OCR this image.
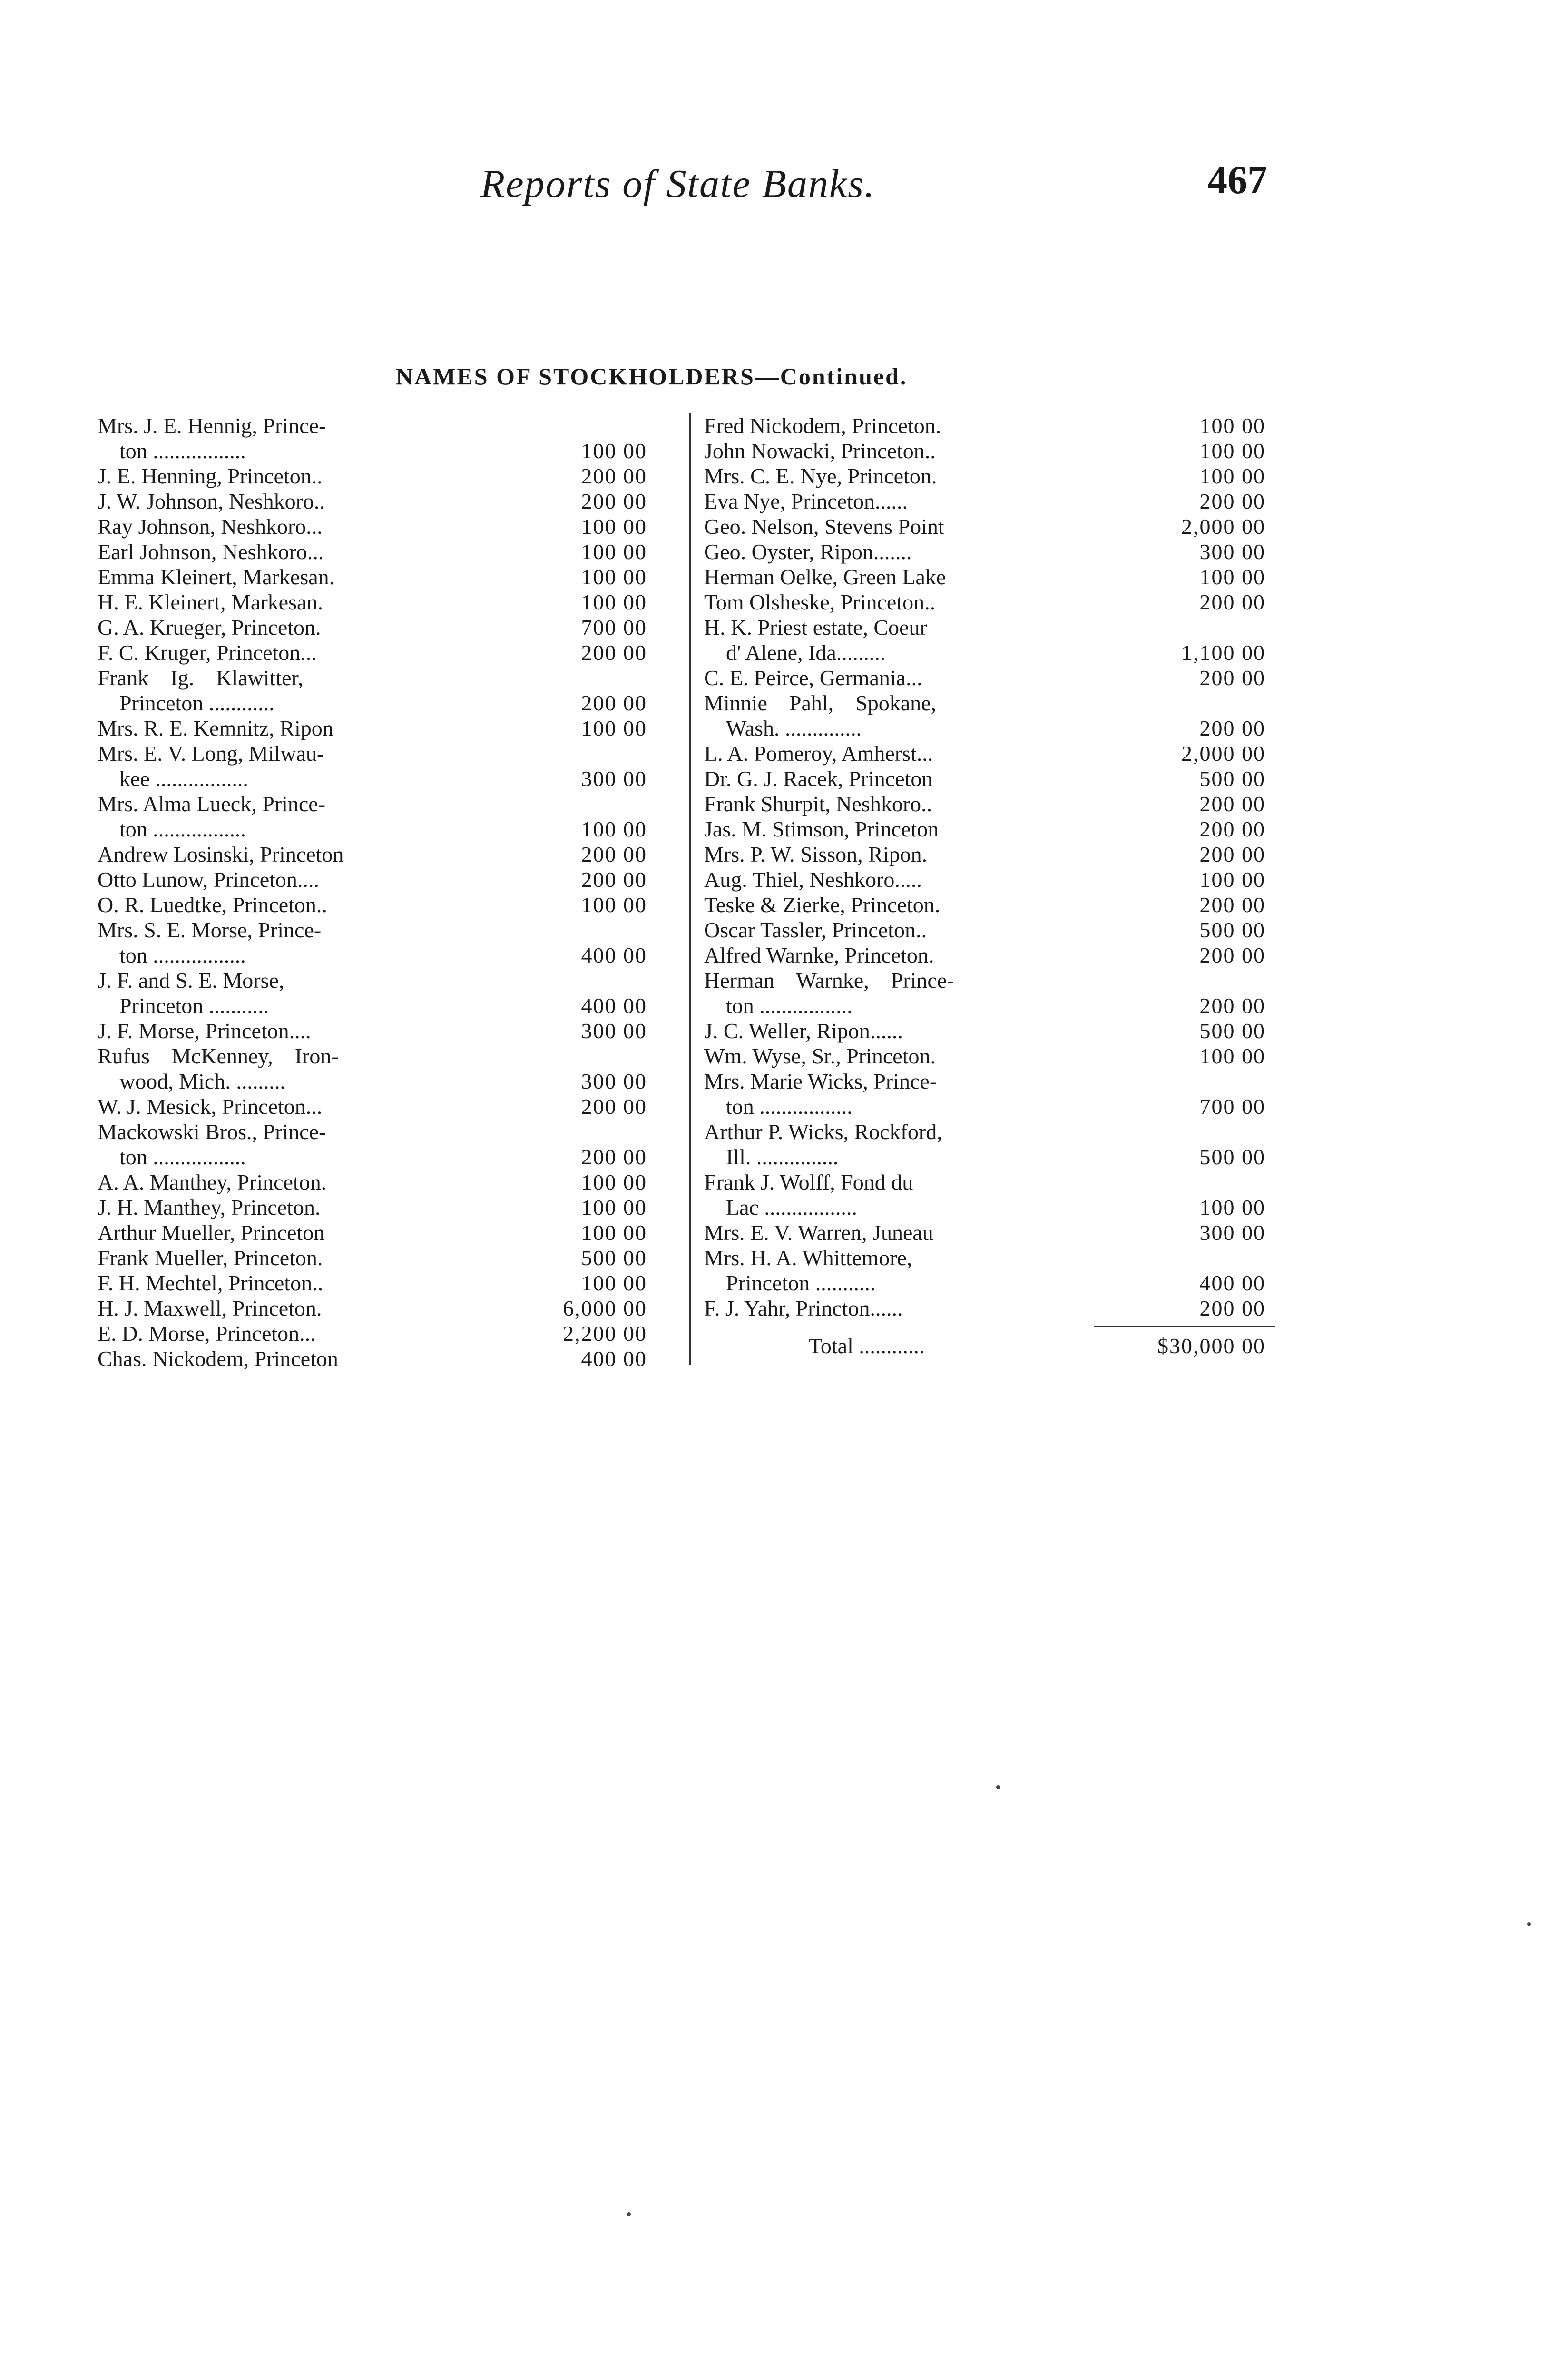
Reports of State Banks.	467
NAMES OF STOCKHOLDERS—Continued.
Mrs. J. E. Hennig, Prince-
ton .................	100 00
J. E. Henning, Princeton..	200 00
J. W. Johnson, Neshkoro..	200 00
Ray Johnson, Neshkoro...	100 00
Earl Johnson, Neshkoro...	100 00
Emma Kleinert, Markesan.	100 00
H. E. Kleinert, Markesan.	100 00
G. A. Krueger, Princeton.	700 00
F. C. Kruger, Princeton...	200 00
Frank    Ig.    Klawitter,
Princeton ............	200 00
Mrs. R. E. Kemnitz, Ripon	100 00
Mrs. E. V. Long, Milwau-
kee .................	300 00
Mrs. Alma Lueck, Prince-
ton .................	100 00
Andrew Losinski, Princeton	200 00
Otto Lunow, Princeton....	200 00
O. R. Luedtke, Princeton..	100 00
Mrs. S. E. Morse, Prince-
ton .................	400 00
J. F. and S. E. Morse,
Princeton ...........	400 00
J. F. Morse, Princeton....	300 00
Rufus    McKenney,    Iron-
wood, Mich. .........	300 00
W. J. Mesick, Princeton...	200 00
Mackowski Bros., Prince-
ton .................	200 00
A. A. Manthey, Princeton.	100 00
J. H. Manthey, Princeton.	100 00
Arthur Mueller, Princeton	100 00
Frank Mueller, Princeton.	500 00
F. H. Mechtel, Princeton..	100 00
H. J. Maxwell, Princeton.	6,000 00
E. D. Morse, Princeton...	2,200 00
Chas. Nickodem, Princeton	400 00
Fred Nickodem, Princeton.	100 00
John Nowacki, Princeton..	100 00
Mrs. C. E. Nye, Princeton.	100 00
Eva Nye, Princeton......	200 00
Geo. Nelson, Stevens Point	2,000 00
Geo. Oyster, Ripon.......	300 00
Herman Oelke, Green Lake	100 00
Tom Olsheske, Princeton..	200 00
H. K. Priest estate, Coeur
d' Alene, Ida.........	1,100 00
C. E. Peirce, Germania...	200 00
Minnie    Pahl,    Spokane,
Wash. ..............	200 00
L. A. Pomeroy, Amherst...	2,000 00
Dr. G. J. Racek, Princeton	500 00
Frank Shurpit, Neshkoro..	200 00
Jas. M. Stimson, Princeton	200 00
Mrs. P. W. Sisson, Ripon.	200 00
Aug. Thiel, Neshkoro.....	100 00
Teske & Zierke, Princeton.	200 00
Oscar Tassler, Princeton..	500 00
Alfred Warnke, Princeton.	200 00
Herman    Warnke,    Prince-
ton .................	200 00
J. C. Weller, Ripon......	500 00
Wm. Wyse, Sr., Princeton.	100 00
Mrs. Marie Wicks, Prince-
ton .................	700 00
Arthur P. Wicks, Rockford,
Ill. ...............	500 00
Frank J. Wolff, Fond du
Lac .................	100 00
Mrs. E. V. Warren, Juneau	300 00
Mrs. H. A. Whittemore,
Princeton ...........	400 00
F. J. Yahr, Princton......	200 00
Total ............	$30,000 00
